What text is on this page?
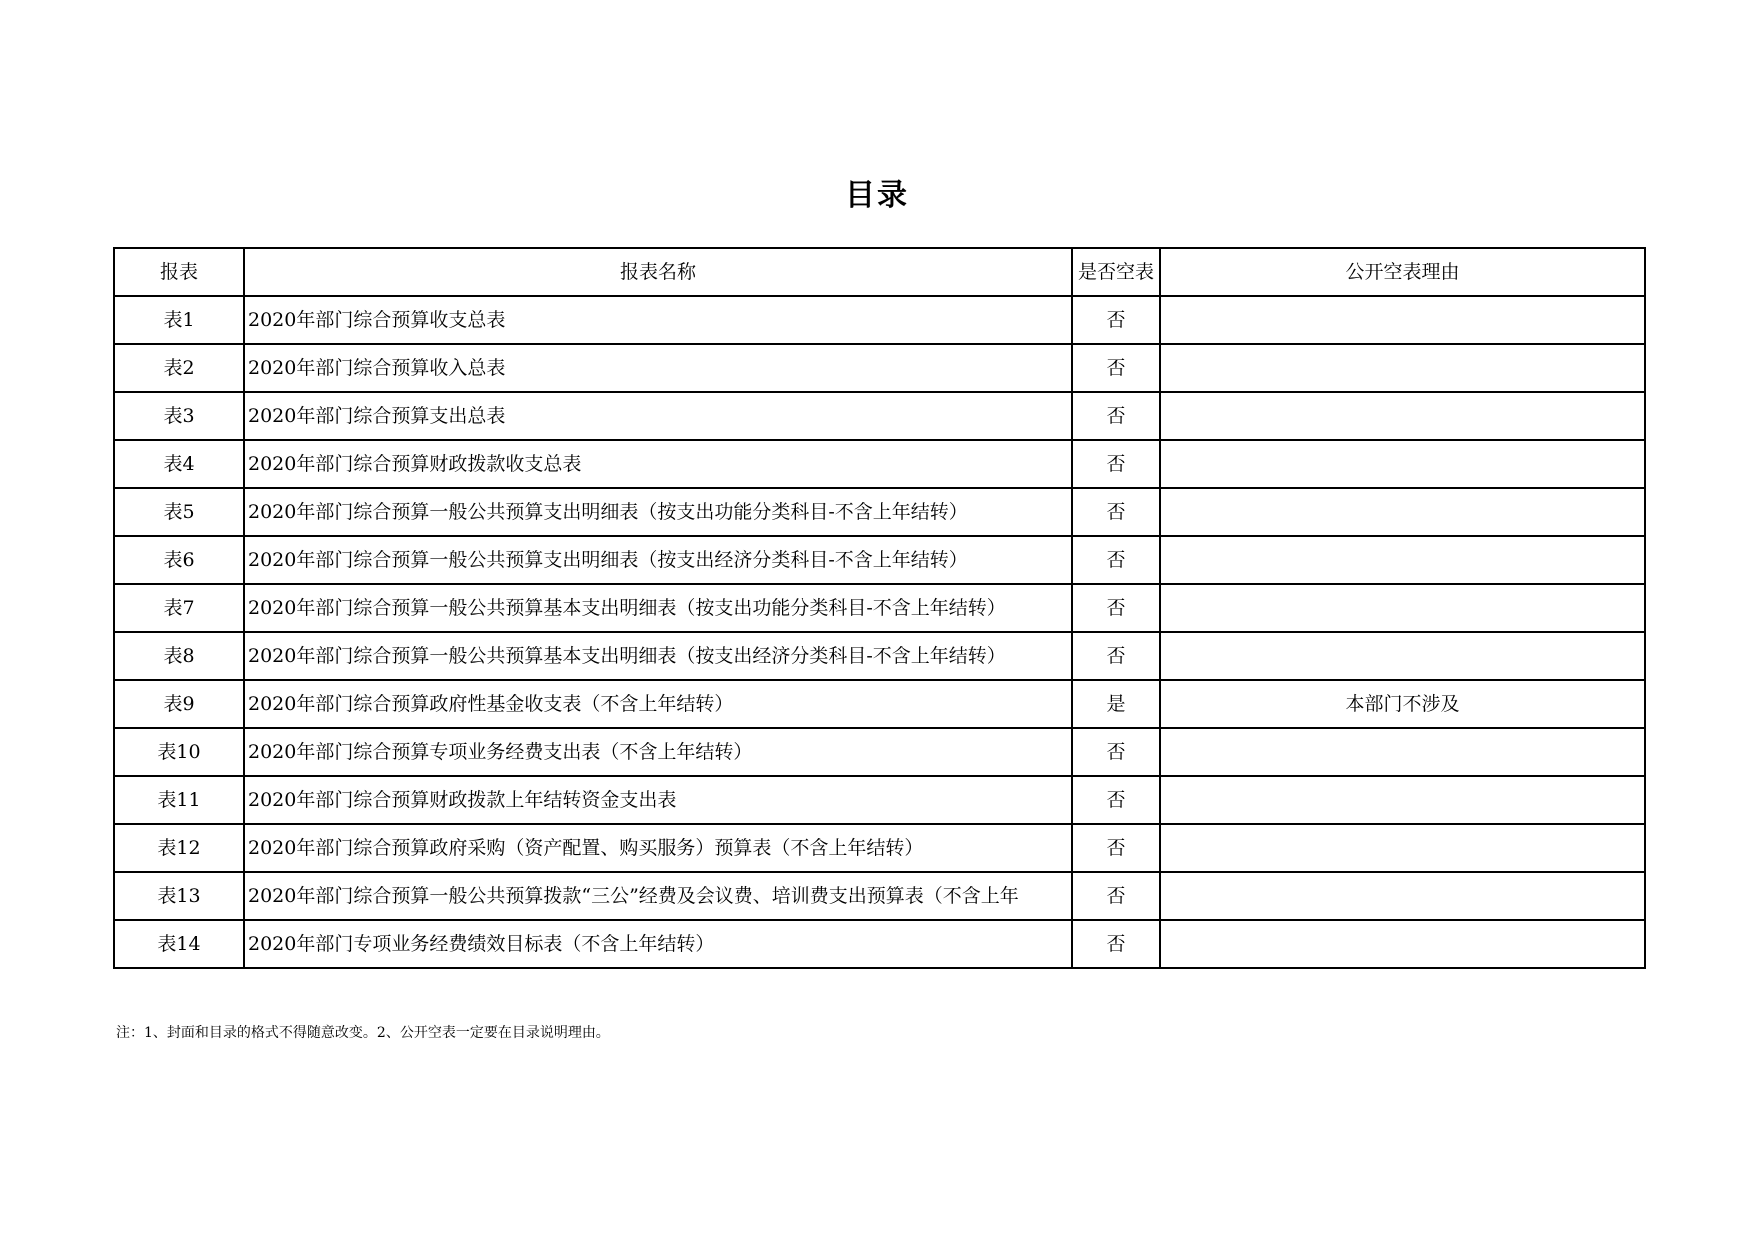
目录
报表	报表名称	是否空表	公开空表理由
表1	2020年部门综合预算收支总表	否	
表2	2020年部门综合预算收入总表	否	
表3	2020年部门综合预算支出总表	否	
表4	2020年部门综合预算财政拨款收支总表	否	
表5	2020年部门综合预算一般公共预算支出明细表（按支出功能分类科目-不含上年结转）	否	
表6	2020年部门综合预算一般公共预算支出明细表（按支出经济分类科目-不含上年结转）	否	
表7	2020年部门综合预算一般公共预算基本支出明细表（按支出功能分类科目-不含上年结转）	否	
表8	2020年部门综合预算一般公共预算基本支出明细表（按支出经济分类科目-不含上年结转）	否	
表9	2020年部门综合预算政府性基金收支表（不含上年结转）	是	本部门不涉及
表10	2020年部门综合预算专项业务经费支出表（不含上年结转）	否	
表11	2020年部门综合预算财政拨款上年结转资金支出表	否	
表12	2020年部门综合预算政府采购（资产配置、购买服务）预算表（不含上年结转）	否	
表13	2020年部门综合预算一般公共预算拨款“三公”经费及会议费、培训费支出预算表（不含上年	否	
表14	2020年部门专项业务经费绩效目标表（不含上年结转）	否	
注：1、封面和目录的格式不得随意改变。2、公开空表一定要在目录说明理由。
